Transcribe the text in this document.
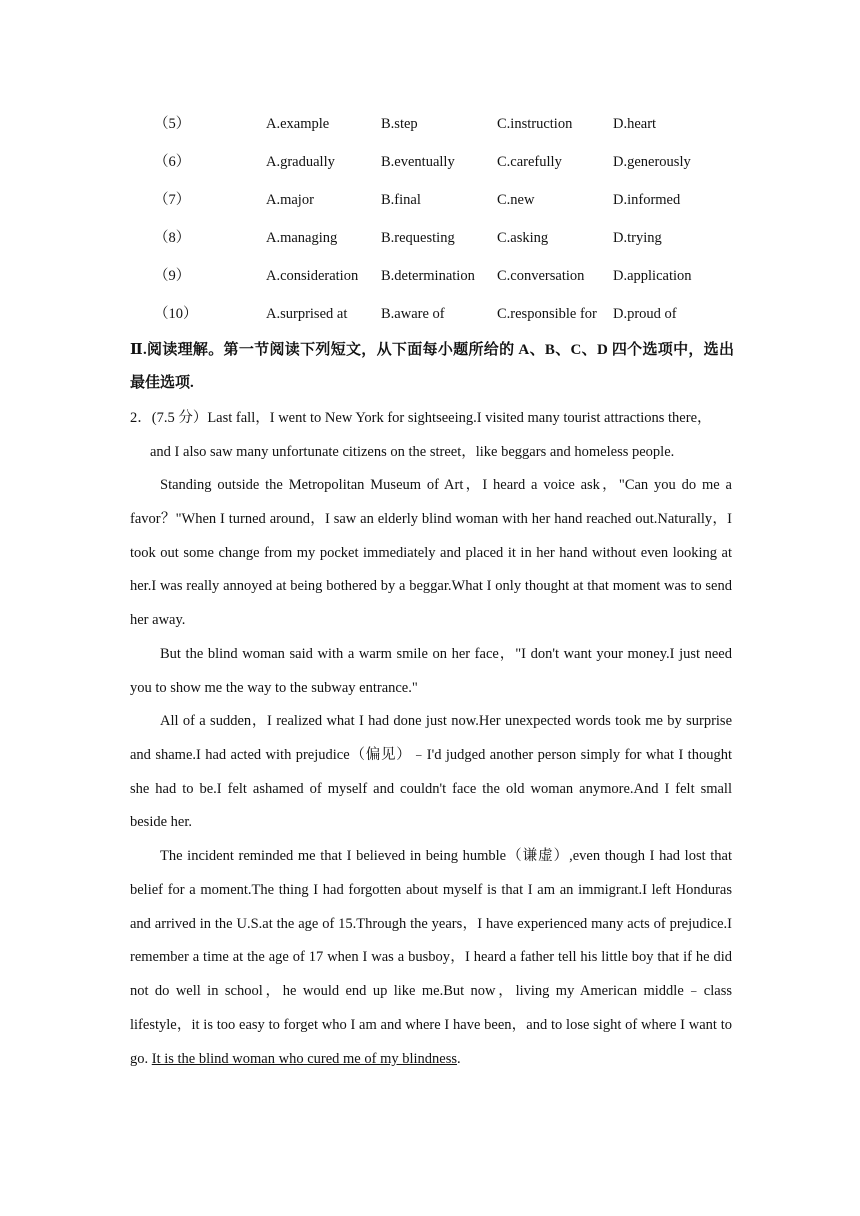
（5）	A.example	B.step	C.instruction	D.heart
（6）	A.gradually	B.eventually	C.carefully	D.generously
（7）	A.major	B.final	C.new	D.informed
（8）	A.managing	B.requesting	C.asking	D.trying
（9）	A.consideration B.determination C.conversation D.application
（10）	A.surprised at B.aware of	C.responsible for D.proud of
Ⅱ.阅读理解。第一节阅读下列短文，从下面每小题所给的 A、B、C、D 四个选项中，选出最佳选项.
2．(7.5 分）Last fall，I went to New York for sightseeing.I visited many tourist attractions there，
and I also saw many unfortunate citizens on the street，like beggars and homeless people.
Standing outside the Metropolitan Museum of Art，I heard a voice ask，"Can you do me a favor？"When I turned around，I saw an elderly blind woman with her hand reached out.Naturally，I took out some change from my pocket immediately and placed it in her hand without even looking at her.I was really annoyed at being bothered by a beggar.What I only thought at that moment was to send her away.
But the blind woman said with a warm smile on her face，"I don't want your money.I just need you to show me the way to the subway entrance."
All of a sudden，I realized what I had done just now.Her unexpected words took me by surprise and shame.I had acted with prejudice（偏见）﹣I'd judged another person simply for what I thought she had to be.I felt ashamed of myself and couldn't face the old woman anymore.And I felt small beside her.
The incident reminded me that I believed in being humble（谦虚）,even though I had lost that belief for a moment.The thing I had forgotten about myself is that I am an immigrant.I left Honduras and arrived in the U.S.at the age of 15.Through the years，I have experienced many acts of prejudice.I remember a time at the age of 17 when I was a busboy，I heard a father tell his little boy that if he did not do well in school，he would end up like me.But now，living my American middle﹣class lifestyle，it is too easy to forget who I am and where I have been，and to lose sight of where I want to go. It is the blind woman who cured me of my blindness.
